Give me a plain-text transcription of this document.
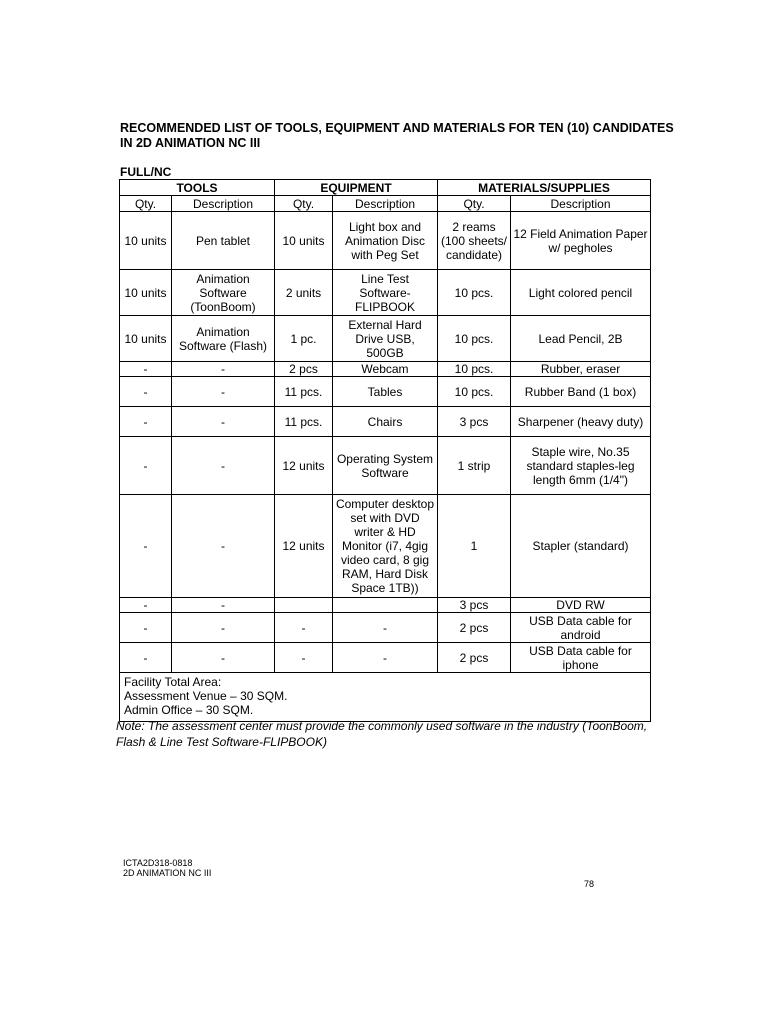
RECOMMENDED LIST OF TOOLS, EQUIPMENT AND MATERIALS FOR TEN (10) CANDIDATES IN 2D ANIMATION NC III
FULL/NC
TOOLS		EQUIPMENT		MATERIALS/SUPPLIES	
Qty.	Description	Qty.	Description	Qty.	Description
10 units	Pen tablet	10 units	Light box and Animation Disc with Peg Set	2 reams (100 sheets/ candidate)	12 Field Animation Paper w/ pegholes
10 units	Animation Software (ToonBoom)	2 units	Line Test Software-FLIPBOOK	10 pcs.	Light colored pencil
10 units	Animation Software (Flash)	1 pc.	External Hard Drive USB, 500GB	10 pcs.	Lead Pencil, 2B
-	-	2 pcs	Webcam	10 pcs.	Rubber, eraser
-	-	11 pcs.	Tables	10 pcs.	Rubber Band (1 box)
-	-	11 pcs.	Chairs	3 pcs	Sharpener (heavy duty)
-	-	12 units	Operating System Software	1 strip	Staple wire, No.35 standard staples-leg length 6mm (1/4")
-	-	12 units	Computer desktop set with DVD writer & HD Monitor (i7, 4gig video card, 8 gig RAM, Hard Disk Space 1TB))	1	Stapler (standard)
-	-			3 pcs	DVD RW
-	-	-	-	2 pcs	USB Data cable for android
-	-	-	-	2 pcs	USB Data cable for iphone

Facility Total Area:
Assessment Venue – 30 SQM.
Admin Office – 30 SQM.					
Note: The assessment center must provide the commonly used software in the industry (ToonBoom, Flash & Line Test Software-FLIPBOOK)
ICTA2D318-0818
2D ANIMATION NC III
78
